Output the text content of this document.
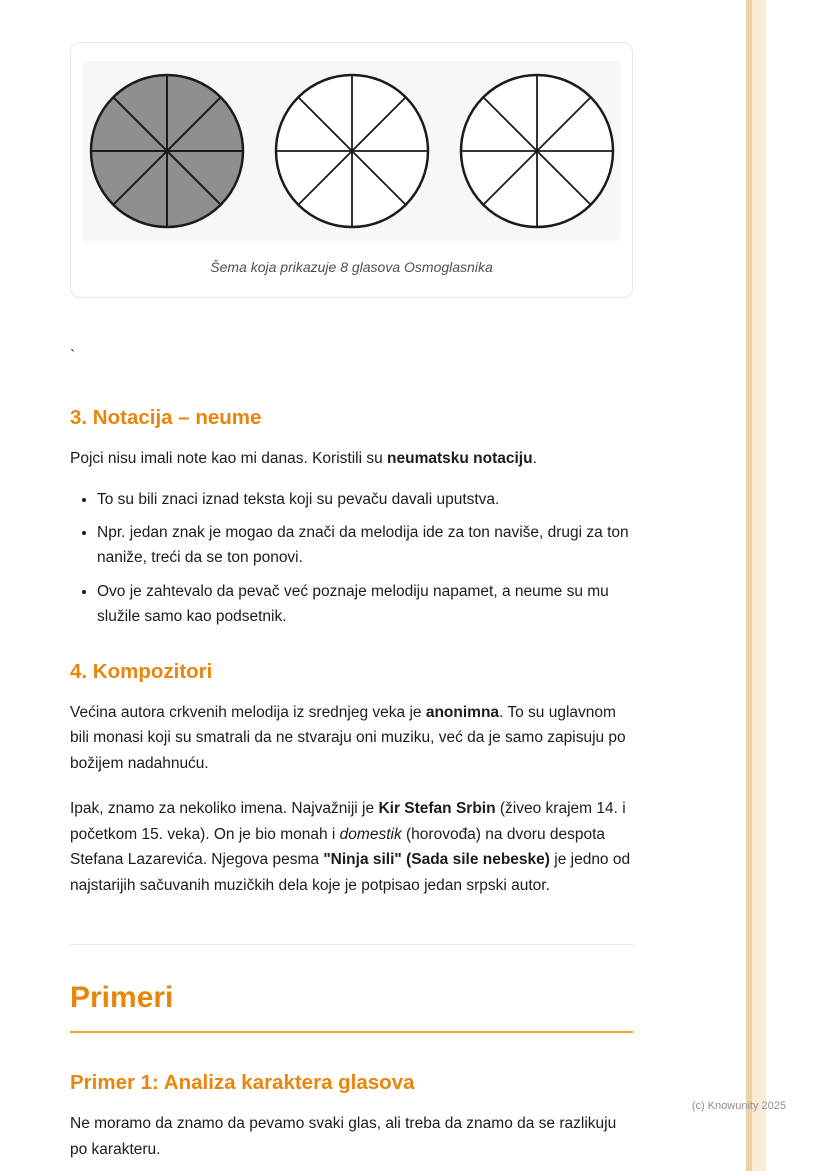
Šema koja prikazuje 8 glasova Osmoglasnika
`
3. Notacija – neume

Pojci nisu imali note kao mi danas. Koristili su neumatsku notaciju.

• To su bili znaci iznad teksta koji su pevaču davali uputstva.
• Npr. jedan znak je mogao da znači da melodija ide za ton naviše, drugi za ton naniže, treći da se ton ponovi.
• Ovo je zahtevalo da pevač već poznaje melodiju napamet, a neume su mu služile samo kao podsetnik.
4. Kompozitori

Većina autora crkvenih melodija iz srednjeg veka je anonimna. To su uglavnom bili monasi koji su smatrali da ne stvaraju oni muziku, već da je samo zapisuju po božijem nadahnuću.

Ipak, znamo za nekoliko imena. Najvažniji je Kir Stefan Srbin (živeo krajem 14. i početkom 15. veka). On je bio monah i domestik (horovođa) na dvoru despota Stefana Lazarevića. Njegova pesma "Ninja sili" (Sada sile nebeske) je jedno od najstarijih sačuvanih muzičkih dela koje je potpisao jedan srpski autor.

Primeri
Primer 1: Analiza karaktera glasova

Ne moramo da znamo da pevamo svaki glas, ali treba da znamo da se razlikuju po karakteru.

(c) Knowunity 2025
